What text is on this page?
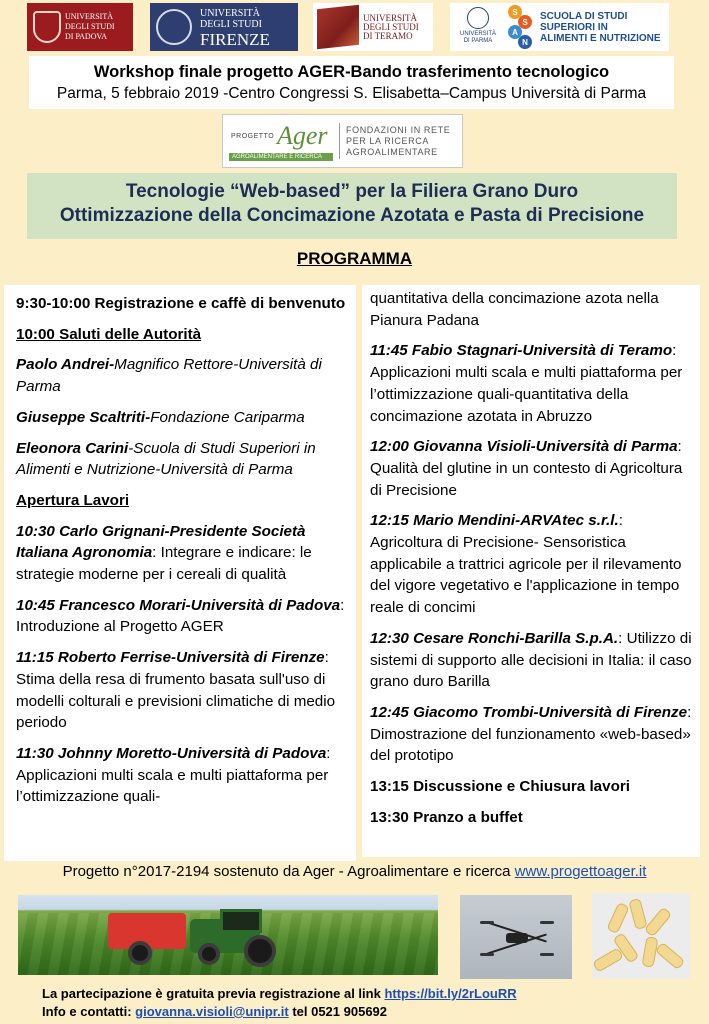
UNIVERSITÀ
DEGLI STUDI
DI PADOVA
UNIVERSITÀ
DEGLI STUDI
FIRENZE
UNIVERSITÀ
DEGLI STUDI
DI TERAMO	UNIVERSITÀ
DI PARMA
S
S
A
N
SCUOLA DI STUDI
SUPERIORI IN
ALIMENTI E NUTRIZIONE
Workshop finale progetto AGER-Bando trasferimento tecnologico
Parma, 5 febbraio 2019 -Centro Congressi S. Elisabetta–Campus Università di Parma
PROGETTO Ager
AGROALIMENTARE E RICERCA
FONDAZIONI IN RETE
PER LA RICERCA
AGROALIMENTARE
Tecnologie “Web-based” per la Filiera Grano Duro
Ottimizzazione della Concimazione Azotata e Pasta di Precisione
PROGRAMMA
9:30-10:00 Registrazione e caffè di benvenuto
10:00 Saluti delle Autorità
Paolo Andrei-Magnifico Rettore-Università di Parma
Giuseppe Scaltriti-Fondazione Cariparma
Eleonora Carini-Scuola di Studi Superiori in Alimenti e Nutrizione-Università di Parma
Apertura Lavori
10:30 Carlo Grignani-Presidente Società Italiana Agronomia: Integrare e indicare: le strategie moderne per i cereali di qualità
10:45 Francesco Morari-Università di Padova: Introduzione al Progetto AGER
11:15 Roberto Ferrise-Università di Firenze: Stima della resa di frumento basata sull'uso di modelli colturali e previsioni climatiche di medio periodo
11:30 Johnny Moretto-Università di Padova: Applicazioni multi scala e multi piattaforma per l’ottimizzazione quali-
quantitativa della concimazione azota nella Pianura Padana
11:45 Fabio Stagnari-Università di Teramo: Applicazioni multi scala e multi piattaforma per l’ottimizzazione quali-quantitativa della concimazione azotata in Abruzzo
12:00 Giovanna Visioli-Università di Parma: Qualità del glutine in un contesto di Agricoltura di Precisione
12:15 Mario Mendini-ARVAtec s.r.l.: Agricoltura di Precisione- Sensoristica applicabile a trattrici agricole per il rilevamento del vigore vegetativo e l'applicazione in tempo reale di concimi
12:30 Cesare Ronchi-Barilla S.p.A.: Utilizzo di sistemi di supporto alle decisioni in Italia: il caso grano duro Barilla
12:45 Giacomo Trombi-Università di Firenze: Dimostrazione del funzionamento «web-based» del prototipo
13:15 Discussione e Chiusura lavori
13:30 Pranzo a buffet
Progetto n°2017-2194 sostenuto da Ager - Agroalimentare e ricerca www.progettoager.it
La partecipazione è gratuita previa registrazione al link https://bit.ly/2rLouRR
Info e contatti: giovanna.visioli@unipr.it tel 0521 905692
